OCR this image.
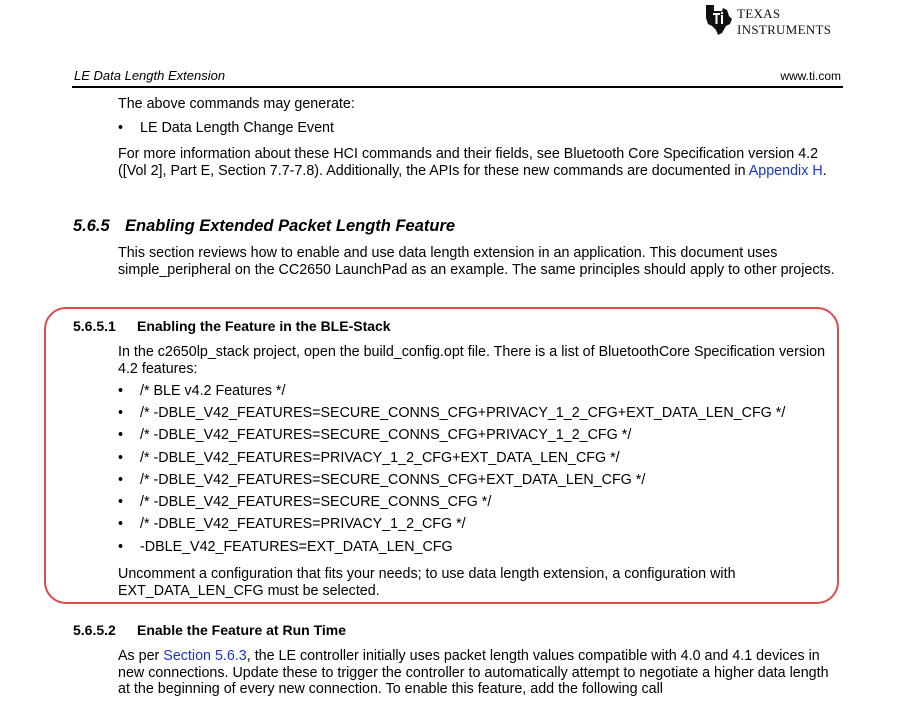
TEXAS
INSTRUMENTS
LE Data Length Extension	www.ti.com

The above commands may generate:

• LE Data Length Change Event

For more information about these HCI commands and their fields, see Bluetooth Core Specification version 4.2 ([Vol 2], Part E, Section 7.7-7.8). Additionally, the APIs for these new commands are documented in Appendix H.

5.6.5 Enabling Extended Packet Length Feature

This section reviews how to enable and use data length extension in an application. This document uses simple_peripheral on the CC2650 LaunchPad as an example. The same principles should apply to other projects.

5.6.5.1 Enabling the Feature in the BLE-Stack

In the c2650lp_stack project, open the build_config.opt file. There is a list of BluetoothCore Specification version 4.2 features:

• /* BLE v4.2 Features */
• /* -DBLE_V42_FEATURES=SECURE_CONNS_CFG+PRIVACY_1_2_CFG+EXT_DATA_LEN_CFG */
• /* -DBLE_V42_FEATURES=SECURE_CONNS_CFG+PRIVACY_1_2_CFG */
• /* -DBLE_V42_FEATURES=PRIVACY_1_2_CFG+EXT_DATA_LEN_CFG */
• /* -DBLE_V42_FEATURES=SECURE_CONNS_CFG+EXT_DATA_LEN_CFG */
• /* -DBLE_V42_FEATURES=SECURE_CONNS_CFG */
• /* -DBLE_V42_FEATURES=PRIVACY_1_2_CFG */
• -DBLE_V42_FEATURES=EXT_DATA_LEN_CFG

Uncomment a configuration that fits your needs; to use data length extension, a configuration with EXT_DATA_LEN_CFG must be selected.

5.6.5.2 Enable the Feature at Run Time

As per Section 5.6.3, the LE controller initially uses packet length values compatible with 4.0 and 4.1 devices in new connections. Update these to trigger the controller to automatically attempt to negotiate a higher data length at the beginning of every new connection. To enable this feature, add the following call
